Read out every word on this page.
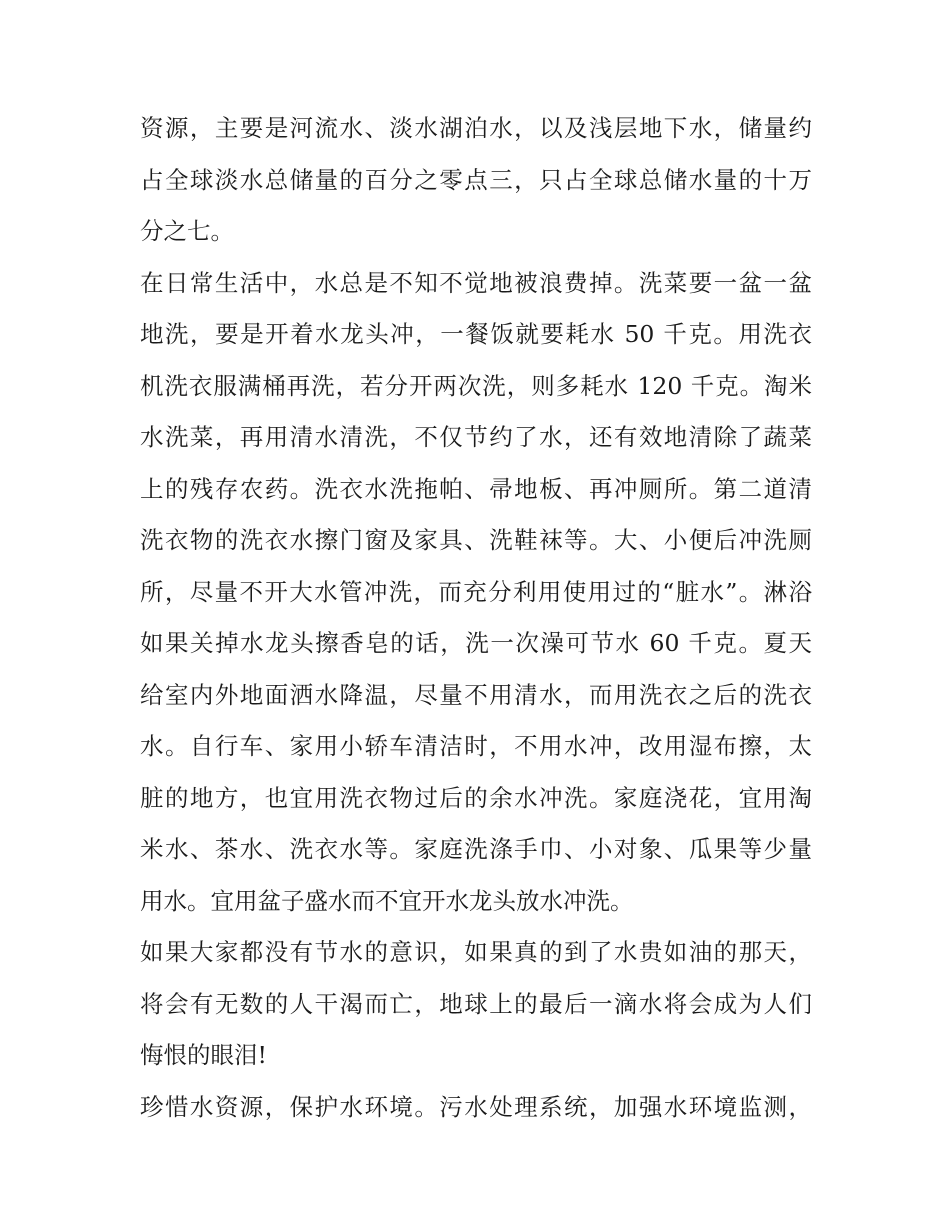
资源，主要是河流水、淡水湖泊水，以及浅层地下水，储量约
占全球淡水总储量的百分之零点三，只占全球总储水量的十万
分之七。
在日常生活中，水总是不知不觉地被浪费掉。洗菜要一盆一盆
地洗，要是开着水龙头冲，一餐饭就要耗水 50 千克。用洗衣
机洗衣服满桶再洗，若分开两次洗，则多耗水 120 千克。淘米
水洗菜，再用清水清洗，不仅节约了水，还有效地清除了蔬菜
上的残存农药。洗衣水洗拖帕、帚地板、再冲厕所。第二道清
洗衣物的洗衣水擦门窗及家具、洗鞋袜等。大、小便后冲洗厕
所，尽量不开大水管冲洗，而充分利用使用过的“脏水”。淋浴
如果关掉水龙头擦香皂的话，洗一次澡可节水 60 千克。夏天
给室内外地面洒水降温，尽量不用清水，而用洗衣之后的洗衣
水。自行车、家用小轿车清洁时，不用水冲，改用湿布擦，太
脏的地方，也宜用洗衣物过后的余水冲洗。家庭浇花，宜用淘
米水、茶水、洗衣水等。家庭洗涤手巾、小对象、瓜果等少量
用水。宜用盆子盛水而不宜开水龙头放水冲洗。
如果大家都没有节水的意识，如果真的到了水贵如油的那天，
将会有无数的人干渴而亡，地球上的最后一滴水将会成为人们
悔恨的眼泪!
珍惜水资源，保护水环境。污水处理系统，加强水环境监测，
